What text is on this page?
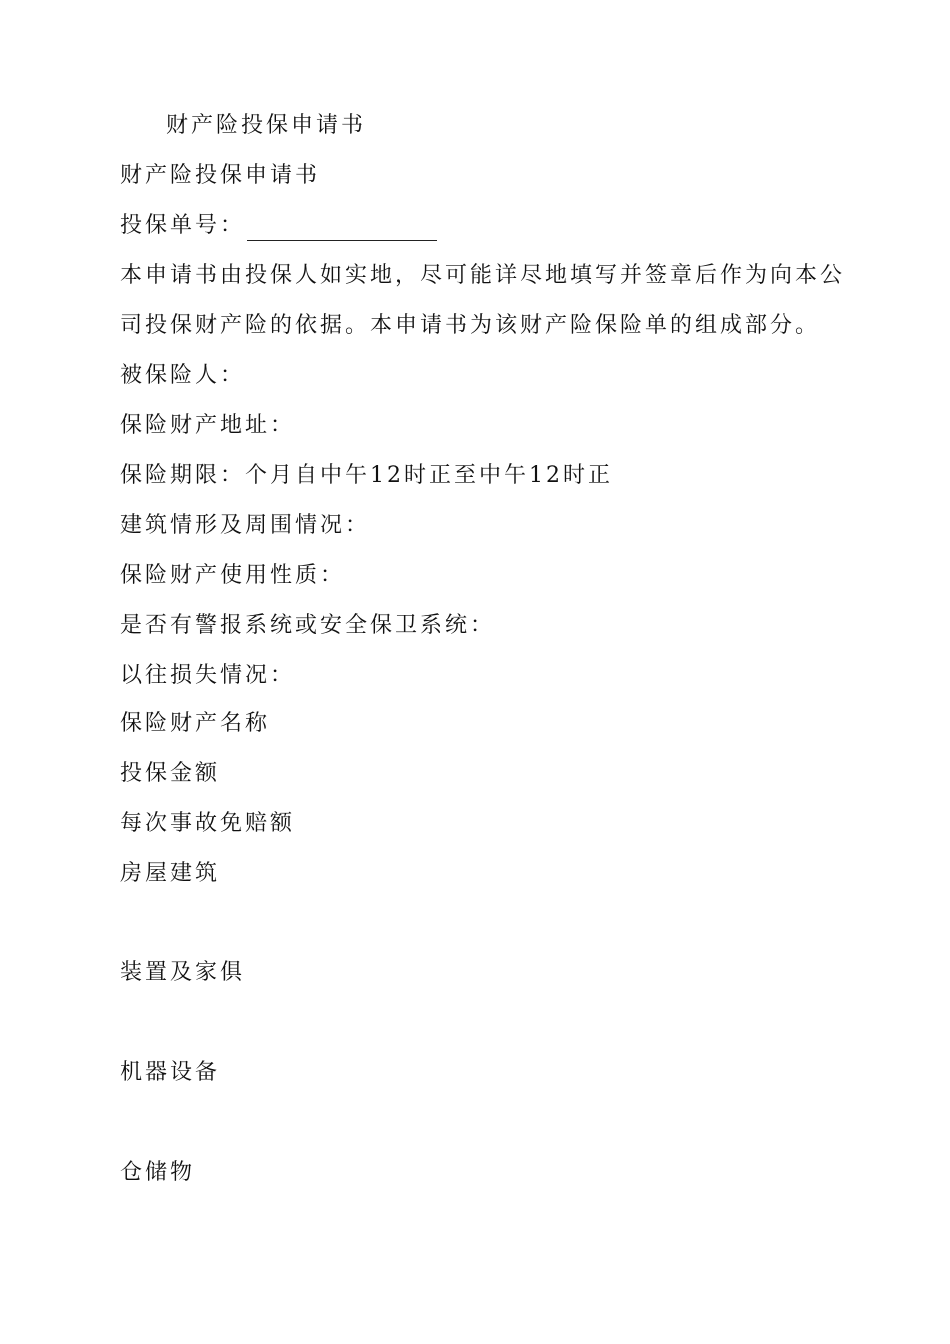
财产险投保申请书

财产险投保申请书

投保单号：

本申请书由投保人如实地，尽可能详尽地填写并签章后作为向本公

司投保财产险的依据。本申请书为该财产险保险单的组成部分。

被保险人：

保险财产地址：

保险期限：个月自中午12时正至中午12时正

建筑情形及周围情况：

保险财产使用性质：

是否有警报系统或安全保卫系统：

以往损失情况：

保险财产名称

投保金额

每次事故免赔额

房屋建筑

装置及家俱

机器设备

仓储物
